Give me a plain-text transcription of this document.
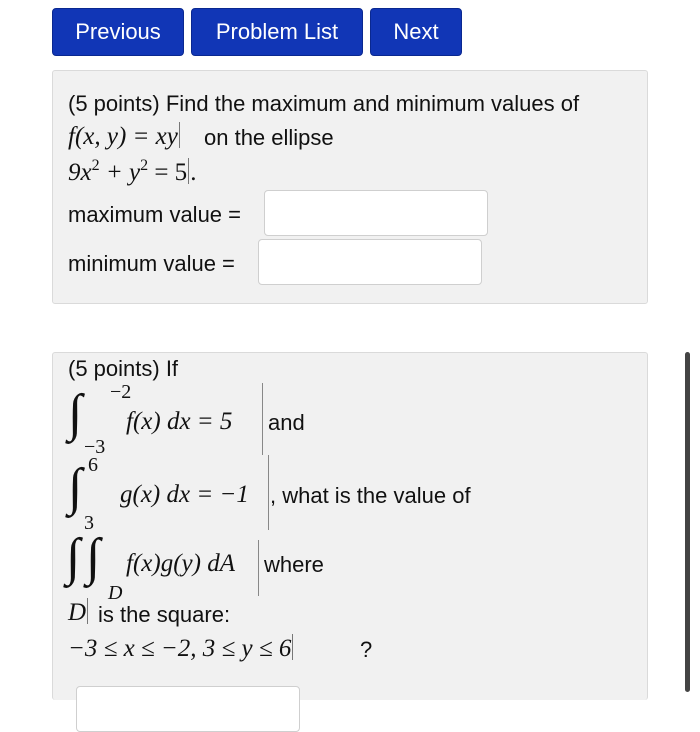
Previous	Problem List	Next
(5 points) Find the maximum and minimum values of
f(x, y) = xy on the ellipse
$9x^2 + y^2 = 5$ .
maximum value =
minimum value =
(5 points) If
∫ −2
−3
f(x) dx = 5 and
∫ 6
3
g(x) dx = −1 , what is the value of
∫ ∫
D
f(x)g(y) dA where
D is the square:
−3 ≤ x ≤ −2, 3 ≤ y ≤ 6	?
